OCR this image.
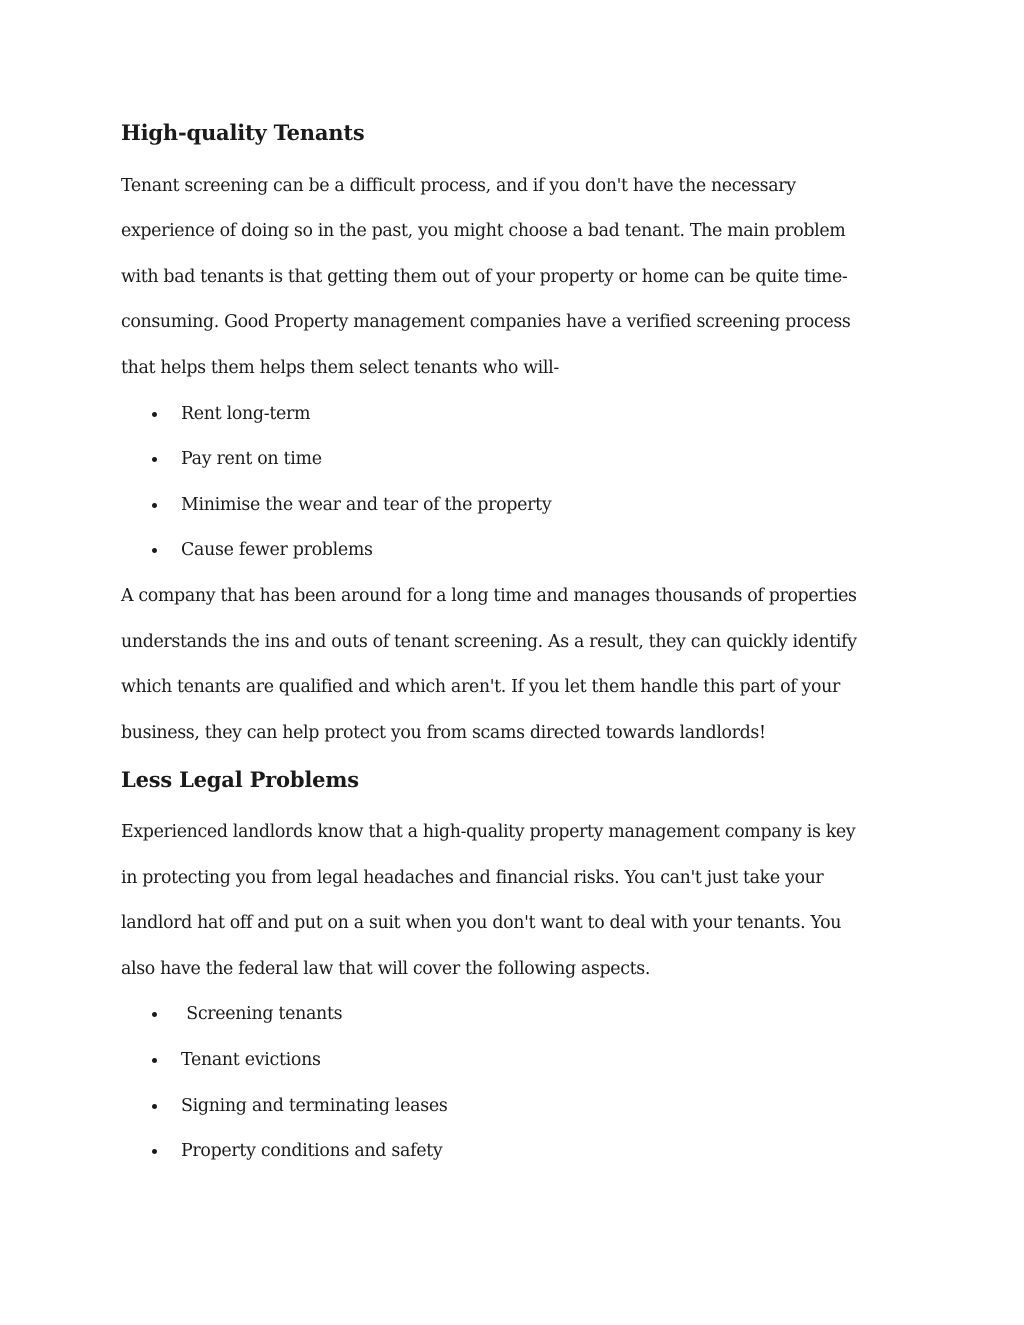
High-quality Tenants
Tenant screening can be a difficult process, and if you don't have the necessary
experience of doing so in the past, you might choose a bad tenant. The main problem
with bad tenants is that getting them out of your property or home can be quite time-
consuming. Good Property management companies have a verified screening process
that helps them helps them select tenants who will-
Rent long-term
Pay rent on time
Minimise the wear and tear of the property
Cause fewer problems
A company that has been around for a long time and manages thousands of properties
understands the ins and outs of tenant screening. As a result, they can quickly identify
which tenants are qualified and which aren't. If you let them handle this part of your
business, they can help protect you from scams directed towards landlords!
Less Legal Problems
Experienced landlords know that a high-quality property management company is key
in protecting you from legal headaches and financial risks. You can't just take your
landlord hat off and put on a suit when you don't want to deal with your tenants. You
also have the federal law that will cover the following aspects.
Screening tenants
Tenant evictions
Signing and terminating leases
Property conditions and safety
